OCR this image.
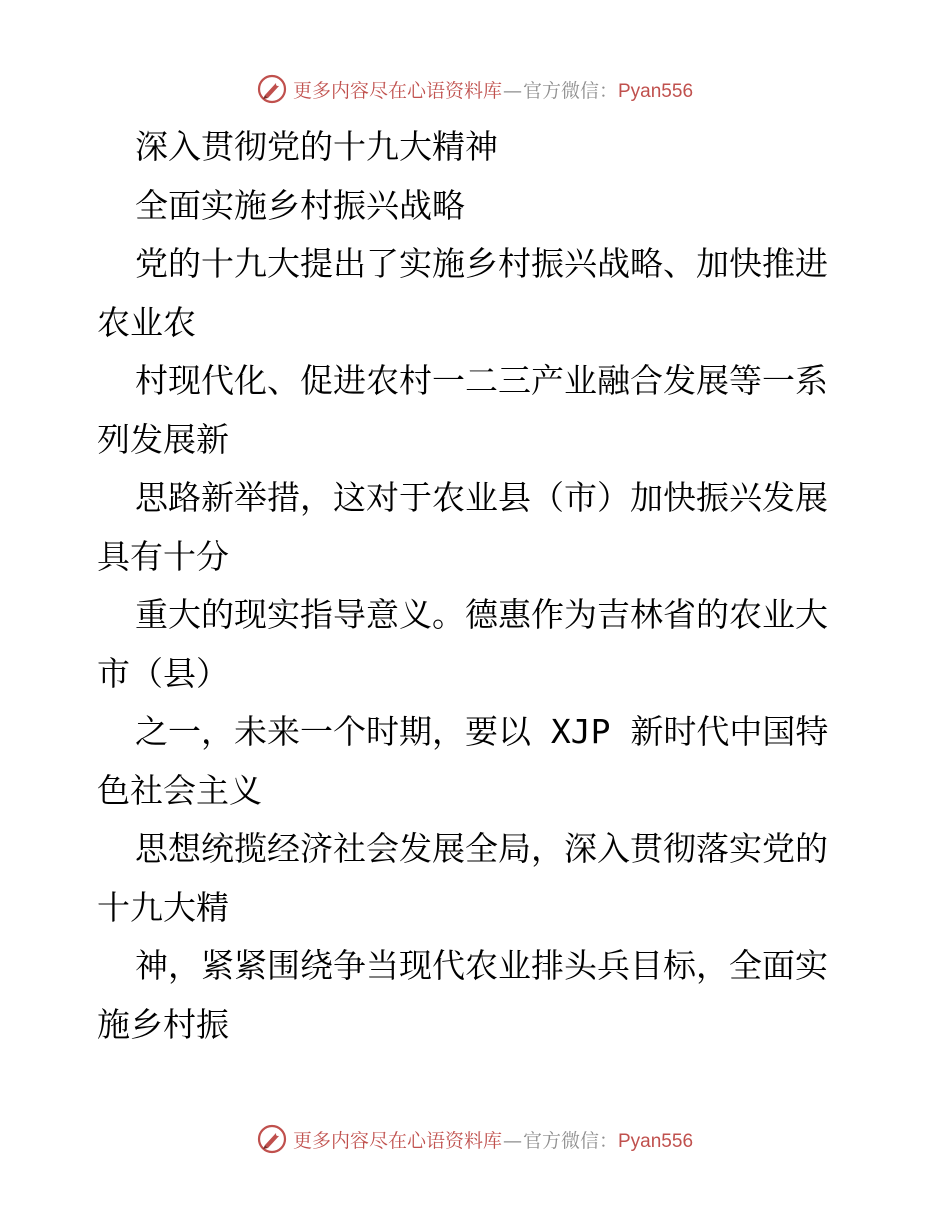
更多内容尽在心语资料库—官方微信：Pyan556
深入贯彻党的十九大精神
全面实施乡村振兴战略
党的十九大提出了实施乡村振兴战略、加快推进
农业农
村现代化、促进农村一二三产业融合发展等一系
列发展新
思路新举措，这对于农业县（市）加快振兴发展
具有十分
重大的现实指导意义。德惠作为吉林省的农业大
市（县）
之一，未来一个时期，要以 XJP 新时代中国特
色社会主义
思想统揽经济社会发展全局，深入贯彻落实党的
十九大精
神，紧紧围绕争当现代农业排头兵目标，全面实
施乡村振
更多内容尽在心语资料库—官方微信：Pyan556
